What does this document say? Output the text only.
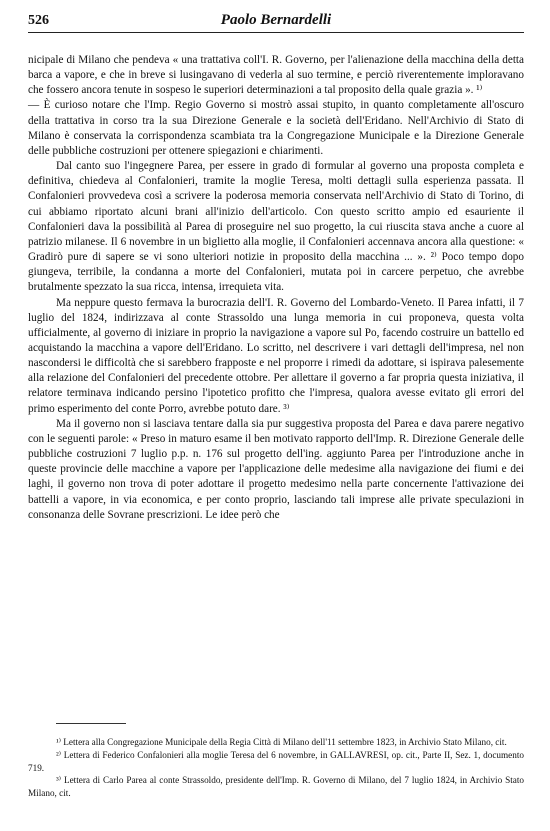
526	Paolo Bernardelli

nicipale di Milano che pendeva « una trattativa coll'I. R. Governo, per l'alienazione della macchina della detta barca a vapore, e che in breve si lusingavano di vederla al suo termine, e perciò riverentemente imploravano che fossero ancora tenute in sospeso le superiori determinazioni a tal proposito della quale grazia ». ¹⁾

— È curioso notare che l'Imp. Regio Governo si mostrò assai stupito, in quanto completamente all'oscuro della trattativa in corso tra la sua Direzione Generale e la società dell'Eridano. Nell'Archivio di Stato di Milano è conservata la corrispondenza scambiata tra la Congregazione Municipale e la Direzione Generale delle pubbliche costruzioni per ottenere spiegazioni e chiarimenti.

Dal canto suo l'ingegnere Parea, per essere in grado di formular al governo una proposta completa e definitiva, chiedeva al Confalonieri, tramite la moglie Teresa, molti dettagli sulla esperienza passata. Il Confalonieri provvedeva così a scrivere la poderosa memoria conservata nell'Archivio di Stato di Torino, di cui abbiamo riportato alcuni brani all'inizio dell'articolo. Con questo scritto ampio ed esauriente il Confalonieri dava la possibilità al Parea di proseguire nel suo progetto, la cui riuscita stava anche a cuore al patrizio milanese. Il 6 novembre in un biglietto alla moglie, il Confalonieri accennava ancora alla questione: « Gradirò pure di sapere se vi sono ulteriori notizie in proposito della macchina ... ». ²⁾ Poco tempo dopo giungeva, terribile, la condanna a morte del Confalonieri, mutata poi in carcere perpetuo, che avrebbe brutalmente spezzato la sua ricca, intensa, irrequieta vita.

Ma neppure questo fermava la burocrazia dell'I. R. Governo del Lombardo-Veneto. Il Parea infatti, il 7 luglio del 1824, indirizzava al conte Strassoldo una lunga memoria in cui proponeva, questa volta ufficialmente, al governo di iniziare in proprio la navigazione a vapore sul Po, facendo costruire un battello ed acquistando la macchina a vapore dell'Eridano. Lo scritto, nel descrivere i vari dettagli dell'impresa, nel non nascondersi le difficoltà che si sarebbero frapposte e nel proporre i rimedi da adottare, si ispirava palesemente alla relazione del Confalonieri del precedente ottobre. Per allettare il governo a far propria questa iniziativa, il relatore terminava indicando persino l'ipotetico profitto che l'impresa, qualora avesse evitato gli errori del primo esperimento del conte Porro, avrebbe potuto dare. ³⁾

Ma il governo non si lasciava tentare dalla sia pur suggestiva proposta del Parea e dava parere negativo con le seguenti parole: « Preso in maturo esame il ben motivato rapporto dell'Imp. R. Direzione Generale delle pubbliche costruzioni 7 luglio p.p. n. 176 sul progetto dell'ing. aggiunto Parea per l'introduzione anche in queste provincie delle macchine a vapore per l'applicazione delle medesime alla navigazione dei fiumi e dei laghi, il governo non trova di poter adottare il progetto medesimo nella parte concernente l'attivazione dei battelli a vapore, in via economica, e per conto proprio, lasciando tali imprese alle private speculazioni in consonanza delle Sovrane prescrizioni. Le idee però che

¹⁾ Lettera alla Congregazione Municipale della Regia Città di Milano dell'11 settembre 1823, in Archivio Stato Milano, cit.

²⁾ Lettera di Federico Confalonieri alla moglie Teresa del 6 novembre, in GALLAVRESI, op. cit., Parte II, Sez. 1, documento 719.

³⁾ Lettera di Carlo Parea al conte Strassoldo, presidente dell'Imp. R. Governo di Milano, del 7 luglio 1824, in Archivio Stato Milano, cit.
